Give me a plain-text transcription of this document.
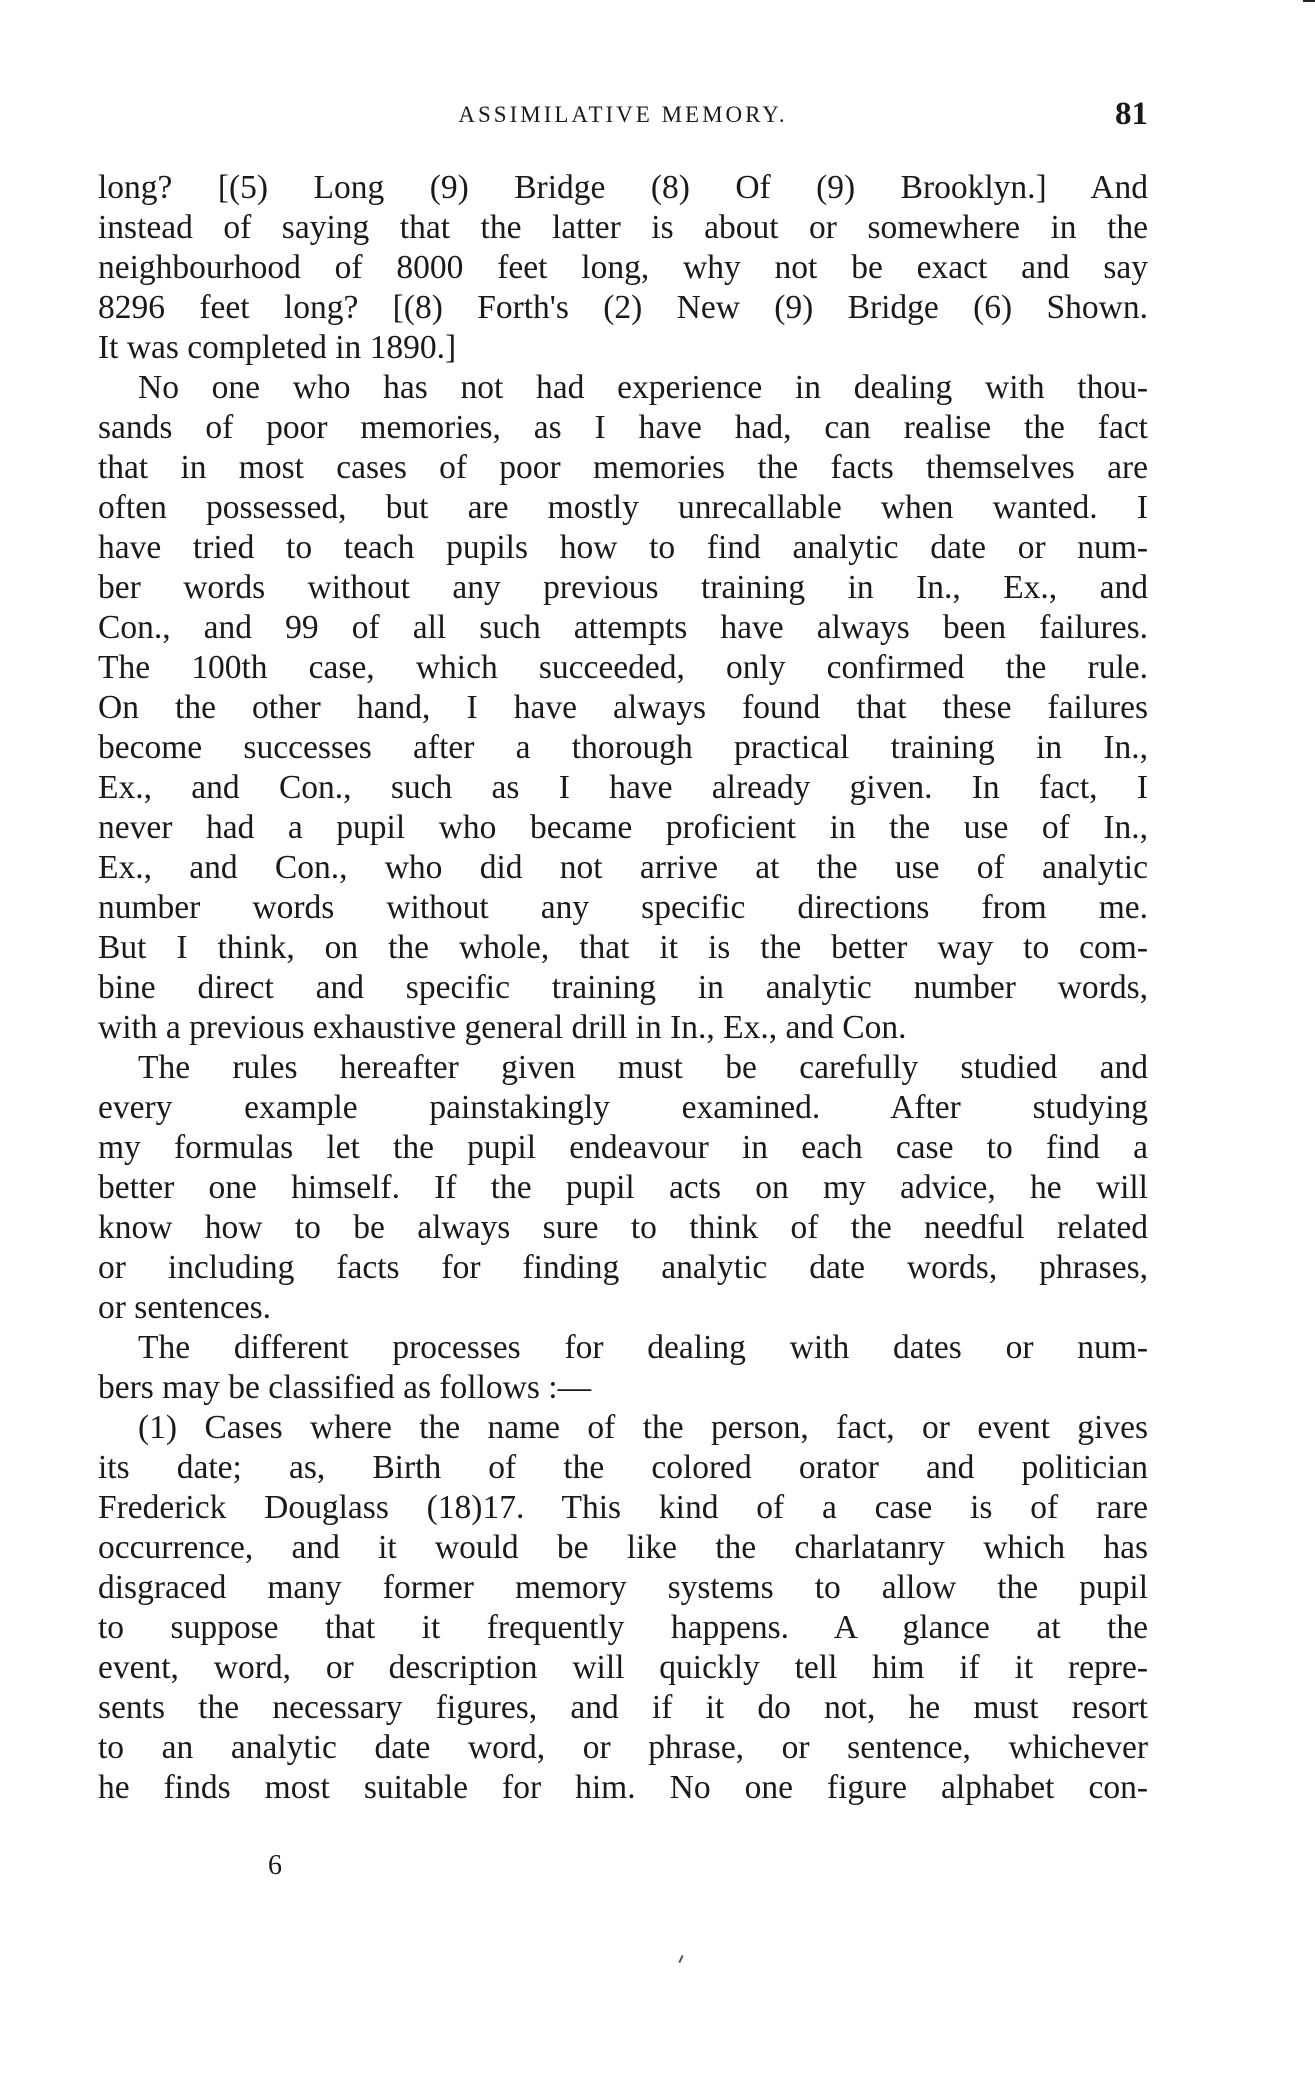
ASSIMILATIVE MEMORY.	81

long? [(5) Long (9) Bridge (8) Of (9) Brooklyn.] And
instead of saying that the latter is about or somewhere in the
neighbourhood of 8000 feet long, why not be exact and say
8296 feet long? [(8) Forth's (2) New (9) Bridge (6) Shown.
It was completed in 1890.]

No one who has not had experience in dealing with thou-
sands of poor memories, as I have had, can realise the fact
that in most cases of poor memories the facts themselves are
often possessed, but are mostly unrecallable when wanted. I
have tried to teach pupils how to find analytic date or num-
ber words without any previous training in In., Ex., and
Con., and 99 of all such attempts have always been failures.
The 100th case, which succeeded, only confirmed the rule.
On the other hand, I have always found that these failures
become successes after a thorough practical training in In.,
Ex., and Con., such as I have already given. In fact, I
never had a pupil who became proficient in the use of In.,
Ex., and Con., who did not arrive at the use of analytic
number words without any specific directions from me.
But I think, on the whole, that it is the better way to com-
bine direct and specific training in analytic number words,
with a previous exhaustive general drill in In., Ex., and Con.

The rules hereafter given must be carefully studied and
every example painstakingly examined. After studying
my formulas let the pupil endeavour in each case to find a
better one himself. If the pupil acts on my advice, he will
know how to be always sure to think of the needful related
or including facts for finding analytic date words, phrases,
or sentences.

The different processes for dealing with dates or num-
bers may be classified as follows :—

(1) Cases where the name of the person, fact, or event gives
its date; as, Birth of the colored orator and politician
Frederick Douglass (18)17. This kind of a case is of rare
occurrence, and it would be like the charlatanry which has
disgraced many former memory systems to allow the pupil
to suppose that it frequently happens. A glance at the
event, word, or description will quickly tell him if it repre-
sents the necessary figures, and if it do not, he must resort
to an analytic date word, or phrase, or sentence, whichever
he finds most suitable for him. No one figure alphabet con-

6
